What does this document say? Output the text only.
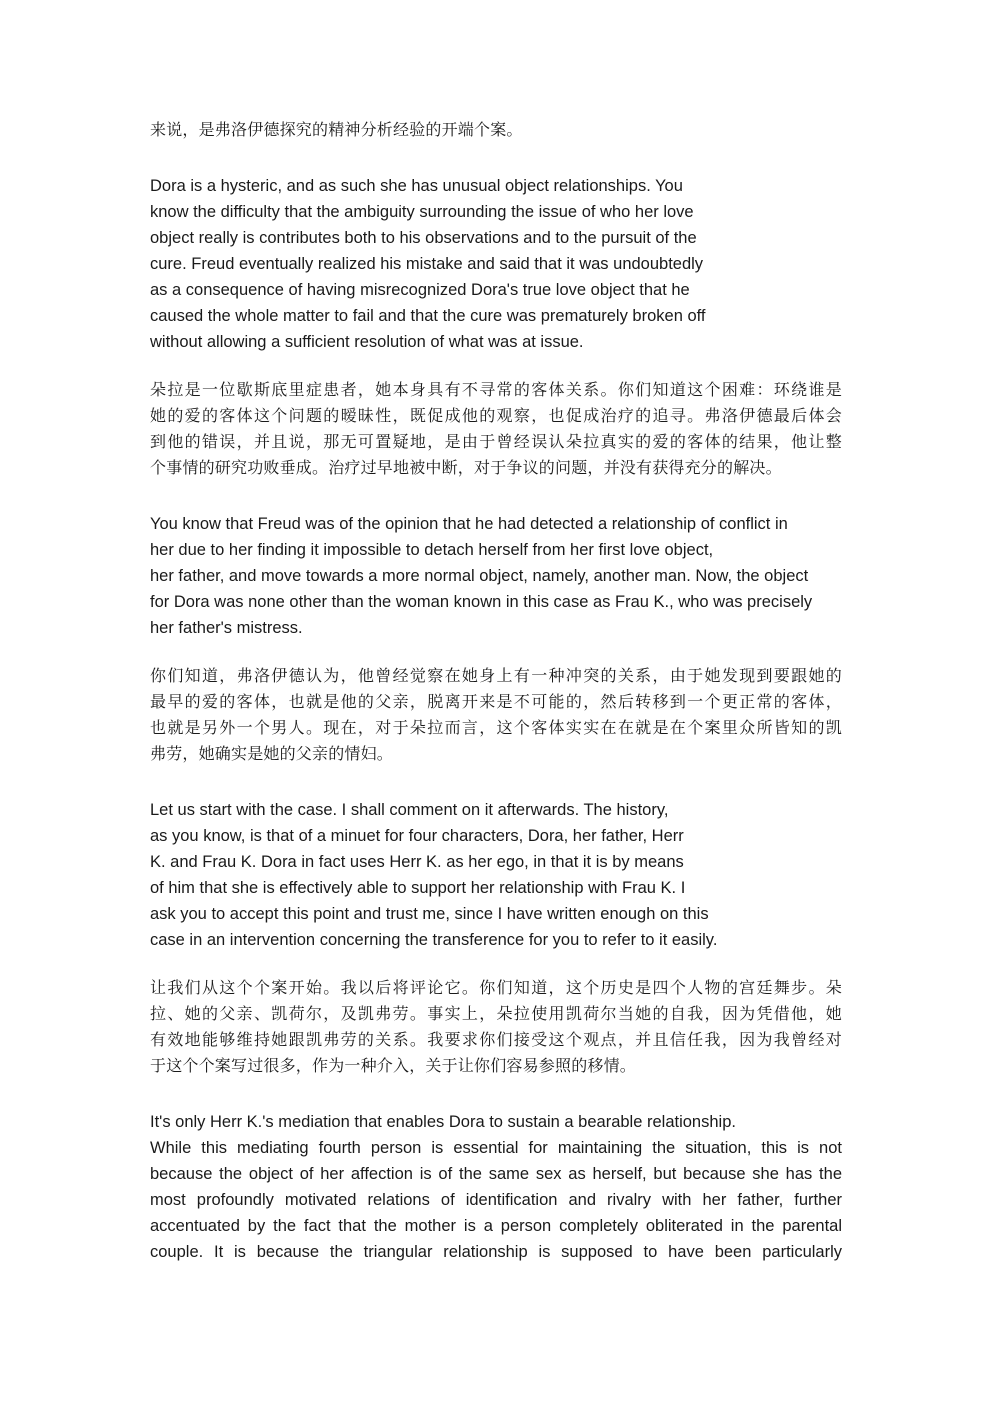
来说，是弗洛伊德探究的精神分析经验的开端个案。
Dora is a hysteric, and as such she has unusual object relationships. You
know the difficulty that the ambiguity surrounding the issue of who her love
object really is contributes both to his observations and to the pursuit of the
cure. Freud eventually realized his mistake and said that it was undoubtedly
as a consequence of having misrecognized Dora's true love object that he
caused the whole matter to fail and that the cure was prematurely broken off
without allowing a sufficient resolution of what was at issue.
朵拉是一位歇斯底里症患者，她本身具有不寻常的客体关系。你们知道这个困难：环绕谁是
她的爱的客体这个问题的暧昧性，既促成他的观察，也促成治疗的追寻。弗洛伊德最后体会
到他的错误，并且说，那无可置疑地，是由于曾经误认朵拉真实的爱的客体的结果，他让整
个事情的研究功败垂成。治疗过早地被中断，对于争议的问题，并没有获得充分的解决。
You know that Freud was of the opinion that he had detected a relationship of conflict in
her due to her finding it impossible to detach herself from her first love object,
her father, and move towards a more normal object, namely, another man. Now, the object
for Dora was none other than the woman known in this case as Frau K., who was precisely
her father's mistress.
你们知道，弗洛伊德认为，他曾经觉察在她身上有一种冲突的关系，由于她发现到要跟她的
最早的爱的客体，也就是他的父亲，脱离开来是不可能的，然后转移到一个更正常的客体，
也就是另外一个男人。现在，对于朵拉而言，这个客体实实在在就是在个案里众所皆知的凯
弗劳，她确实是她的父亲的情妇。
Let us start with the case. I shall comment on it afterwards. The history,
as you know, is that of a minuet for four characters, Dora, her father, Herr
K. and Frau K. Dora in fact uses Herr K. as her ego, in that it is by means
of him that she is effectively able to support her relationship with Frau K. I
ask you to accept this point and trust me, since I have written enough on this
case in an intervention concerning the transference for you to refer to it easily.
让我们从这个个案开始。我以后将评论它。你们知道，这个历史是四个人物的宫廷舞步。朵
拉、她的父亲、凯荷尔，及凯弗劳。事实上，朵拉使用凯荷尔当她的自我，因为凭借他，她
有效地能够维持她跟凯弗劳的关系。我要求你们接受这个观点，并且信任我，因为我曾经对
于这个个案写过很多，作为一种介入，关于让你们容易参照的移情。
It's only Herr K.'s mediation that enables Dora to sustain a bearable relationship.
While this mediating fourth person is essential for maintaining the situation, this is not
because the object of her affection is of the same sex as herself, but because she has the
most profoundly motivated relations of identification and rivalry with her father, further
accentuated by the fact that the mother is a person completely obliterated in the parental
couple. It is because the triangular relationship is supposed to have been particularly
